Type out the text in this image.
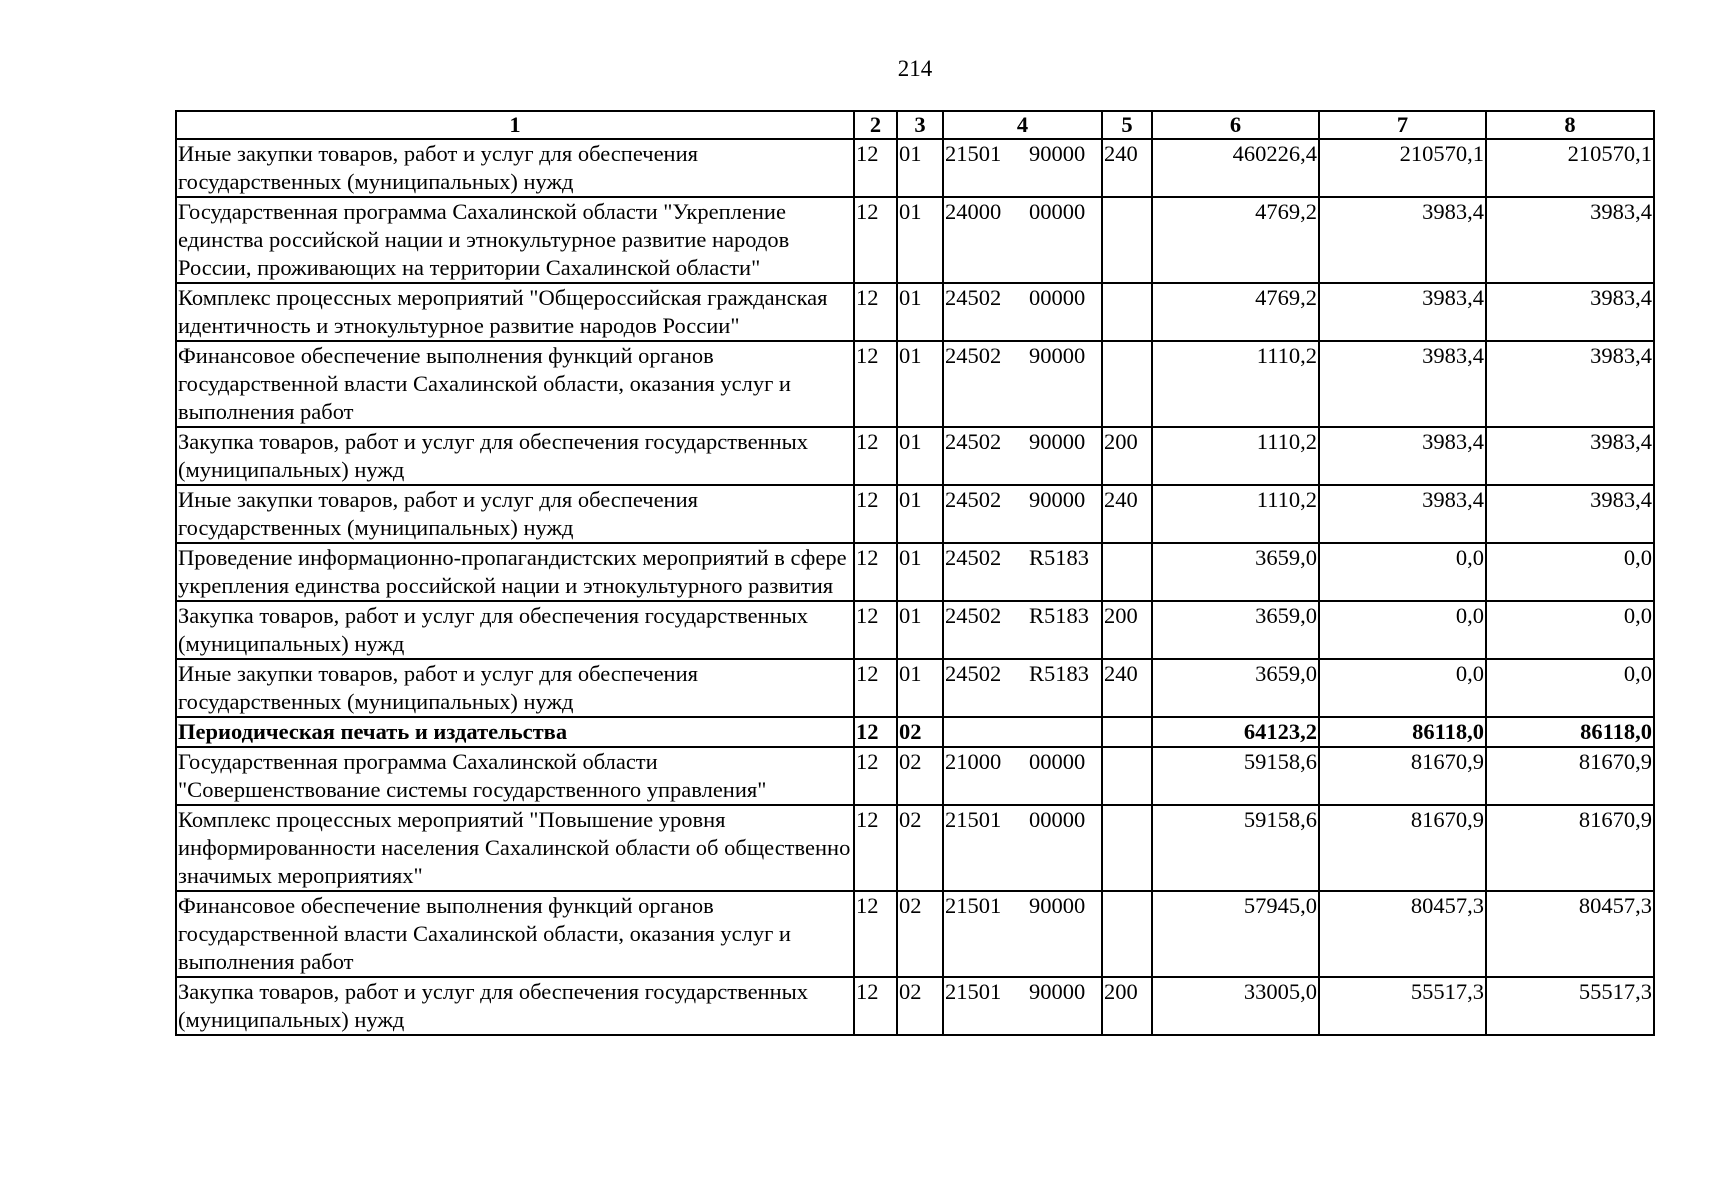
214
1	2	3	4	5	6	7	8
Иные закупки товаров, работ и услуг для обеспечения государственных (муниципальных) нужд	12	01	21501 90000	240	460226,4	210570,1	210570,1
Государственная программа Сахалинской области "Укрепление единства российской нации и этнокультурное развитие народов России, проживающих на территории Сахалинской области"	12	01	24000 00000		4769,2	3983,4	3983,4
Комплекс процессных мероприятий "Общероссийская гражданская идентичность и этнокультурное развитие народов России"	12	01	24502 00000		4769,2	3983,4	3983,4
Финансовое обеспечение выполнения функций органов государственной власти Сахалинской области, оказания услуг и выполнения работ	12	01	24502 90000		1110,2	3983,4	3983,4
Закупка товаров, работ и услуг для обеспечения государственных (муниципальных) нужд	12	01	24502 90000	200	1110,2	3983,4	3983,4
Иные закупки товаров, работ и услуг для обеспечения государственных (муниципальных) нужд	12	01	24502 90000	240	1110,2	3983,4	3983,4
Проведение информационно-пропагандистских мероприятий в сфере укрепления единства российской нации и этнокультурного развития	12	01	24502 R5183		3659,0	0,0	0,0
Закупка товаров, работ и услуг для обеспечения государственных (муниципальных) нужд	12	01	24502 R5183	200	3659,0	0,0	0,0
Иные закупки товаров, работ и услуг для обеспечения государственных (муниципальных) нужд	12	01	24502 R5183	240	3659,0	0,0	0,0
Периодическая печать и издательства	12	02			64123,2	86118,0	86118,0
Государственная программа Сахалинской области "Совершенствование системы государственного управления"	12	02	21000 00000		59158,6	81670,9	81670,9
Комплекс процессных мероприятий "Повышение уровня информированности населения Сахалинской области об общественно значимых мероприятиях"	12	02	21501 00000		59158,6	81670,9	81670,9
Финансовое обеспечение выполнения функций органов государственной власти Сахалинской области, оказания услуг и выполнения работ	12	02	21501 90000		57945,0	80457,3	80457,3
Закупка товаров, работ и услуг для обеспечения государственных (муниципальных) нужд	12	02	21501 90000	200	33005,0	55517,3	55517,3
